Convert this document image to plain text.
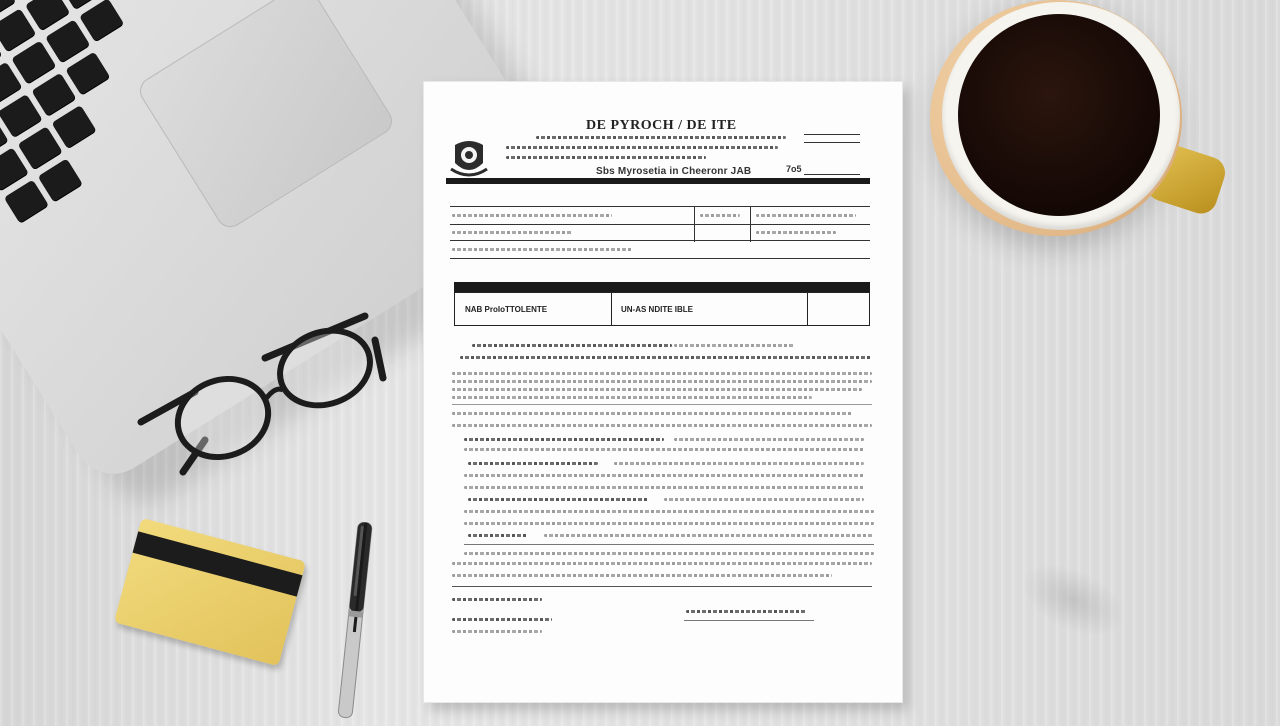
DE PYROCH / DE ITE
Sbs Myrosetia in Cheeronr JAB	7o5
NAB ProIoTTOLENTE	UN-AS NDITE IBLE
